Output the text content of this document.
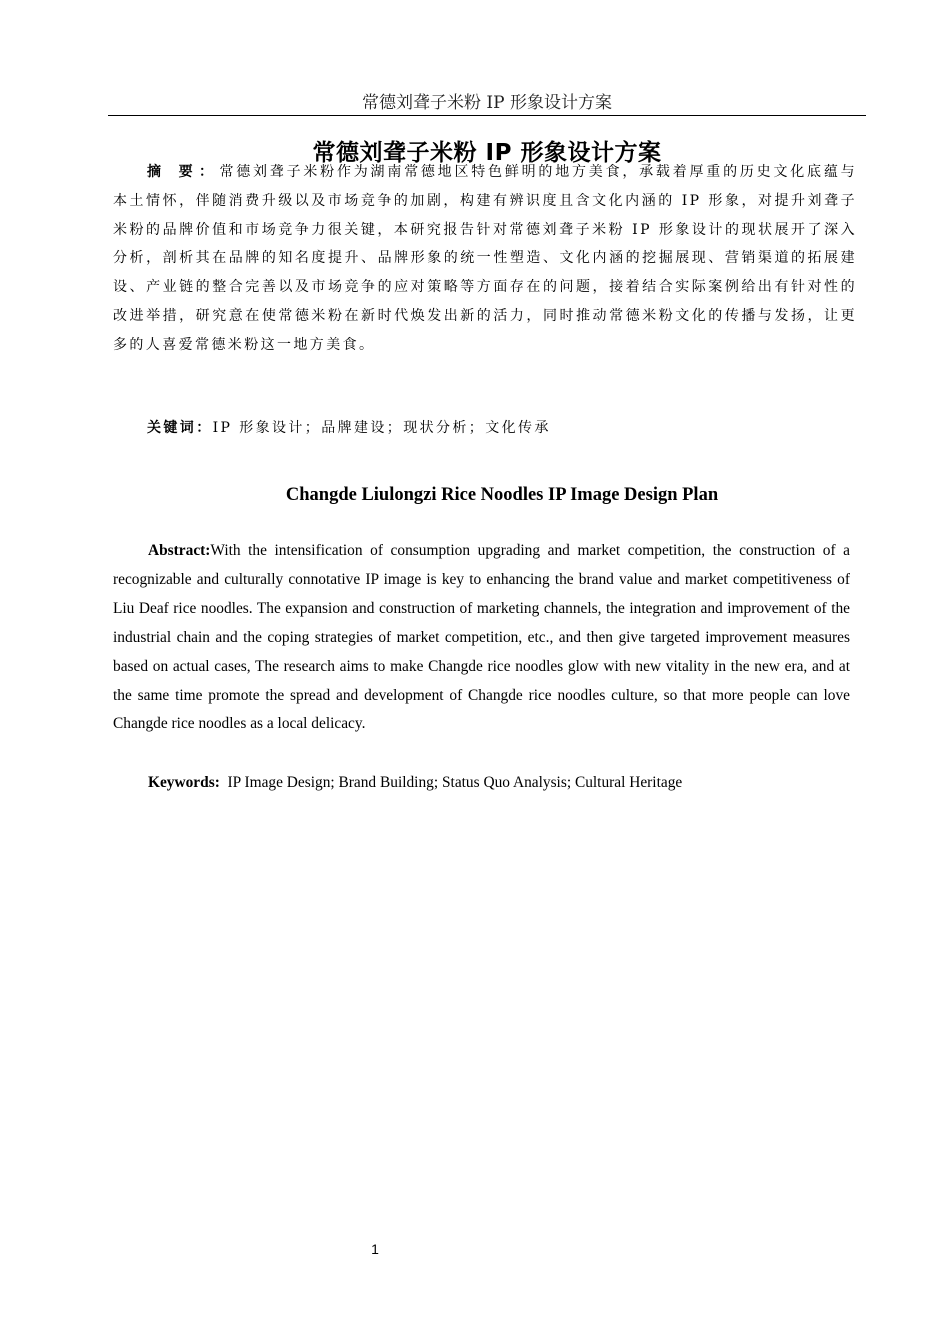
常德刘聋子米粉 IP 形象设计方案
常德刘聋子米粉 IP 形象设计方案

摘 要：常德刘聋子米粉作为湖南常德地区特色鲜明的地方美食，承载着厚重的历史文化底蕴与本土情怀，伴随消费升级以及市场竞争的加剧，构建有辨识度且含文化内涵的 IP 形象，对提升刘聋子米粉的品牌价值和市场竞争力很关键，本研究报告针对常德刘聋子米粉 IP 形象设计的现状展开了深入分析，剖析其在品牌的知名度提升、品牌形象的统一性塑造、文化内涵的挖掘展现、营销渠道的拓展建设、产业链的整合完善以及市场竞争的应对策略等方面存在的问题，接着结合实际案例给出有针对性的改进举措，研究意在使常德米粉在新时代焕发出新的活力，同时推动常德米粉文化的传播与发扬，让更多的人喜爱常德米粉这一地方美食。

关键词：IP 形象设计；品牌建设；现状分析；文化传承

Changde Liulongzi Rice Noodles IP Image Design Plan

Abstract:With the intensification of consumption upgrading and market competition, the construction of a recognizable and culturally connotative IP image is key to enhancing the brand value and market competitiveness of Liu Deaf rice noodles. The expansion and construction of marketing channels, the integration and improvement of the industrial chain and the coping strategies of market competition, etc., and then give targeted improvement measures based on actual cases, The research aims to make Changde rice noodles glow with new vitality in the new era, and at the same time promote the spread and development of Changde rice noodles culture, so that more people can love Changde rice noodles as a local delicacy.

Keywords: IP Image Design; Brand Building; Status Quo Analysis; Cultural Heritage

1
